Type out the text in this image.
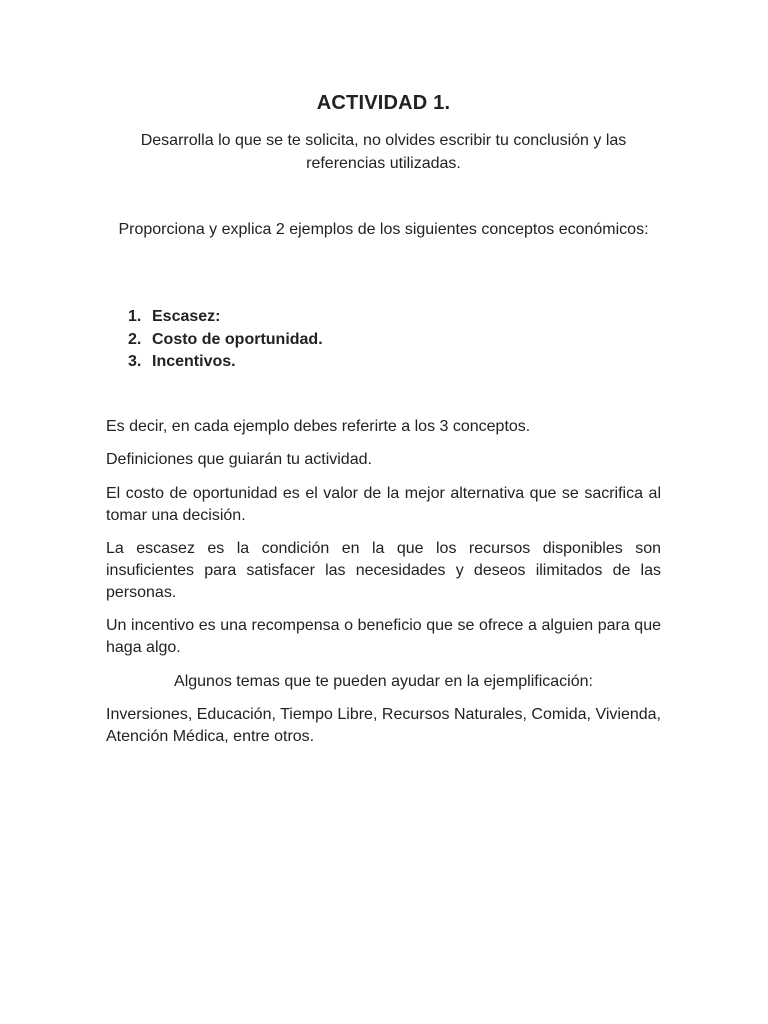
ACTIVIDAD 1.

Desarrolla lo que se te solicita, no olvides escribir tu conclusión y las referencias utilizadas.

Proporciona y explica 2 ejemplos de los siguientes conceptos económicos:

1. Escasez:
2. Costo de oportunidad.
3. Incentivos.

Es decir, en cada ejemplo debes referirte a los 3 conceptos.

Definiciones que guiarán tu actividad.

El costo de oportunidad es el valor de la mejor alternativa que se sacrifica al tomar una decisión.

La escasez es la condición en la que los recursos disponibles son insuficientes para satisfacer las necesidades y deseos ilimitados de las personas.

Un incentivo es una recompensa o beneficio que se ofrece a alguien para que haga algo.

Algunos temas que te pueden ayudar en la ejemplificación:

Inversiones, Educación, Tiempo Libre, Recursos Naturales, Comida, Vivienda, Atención Médica, entre otros.
